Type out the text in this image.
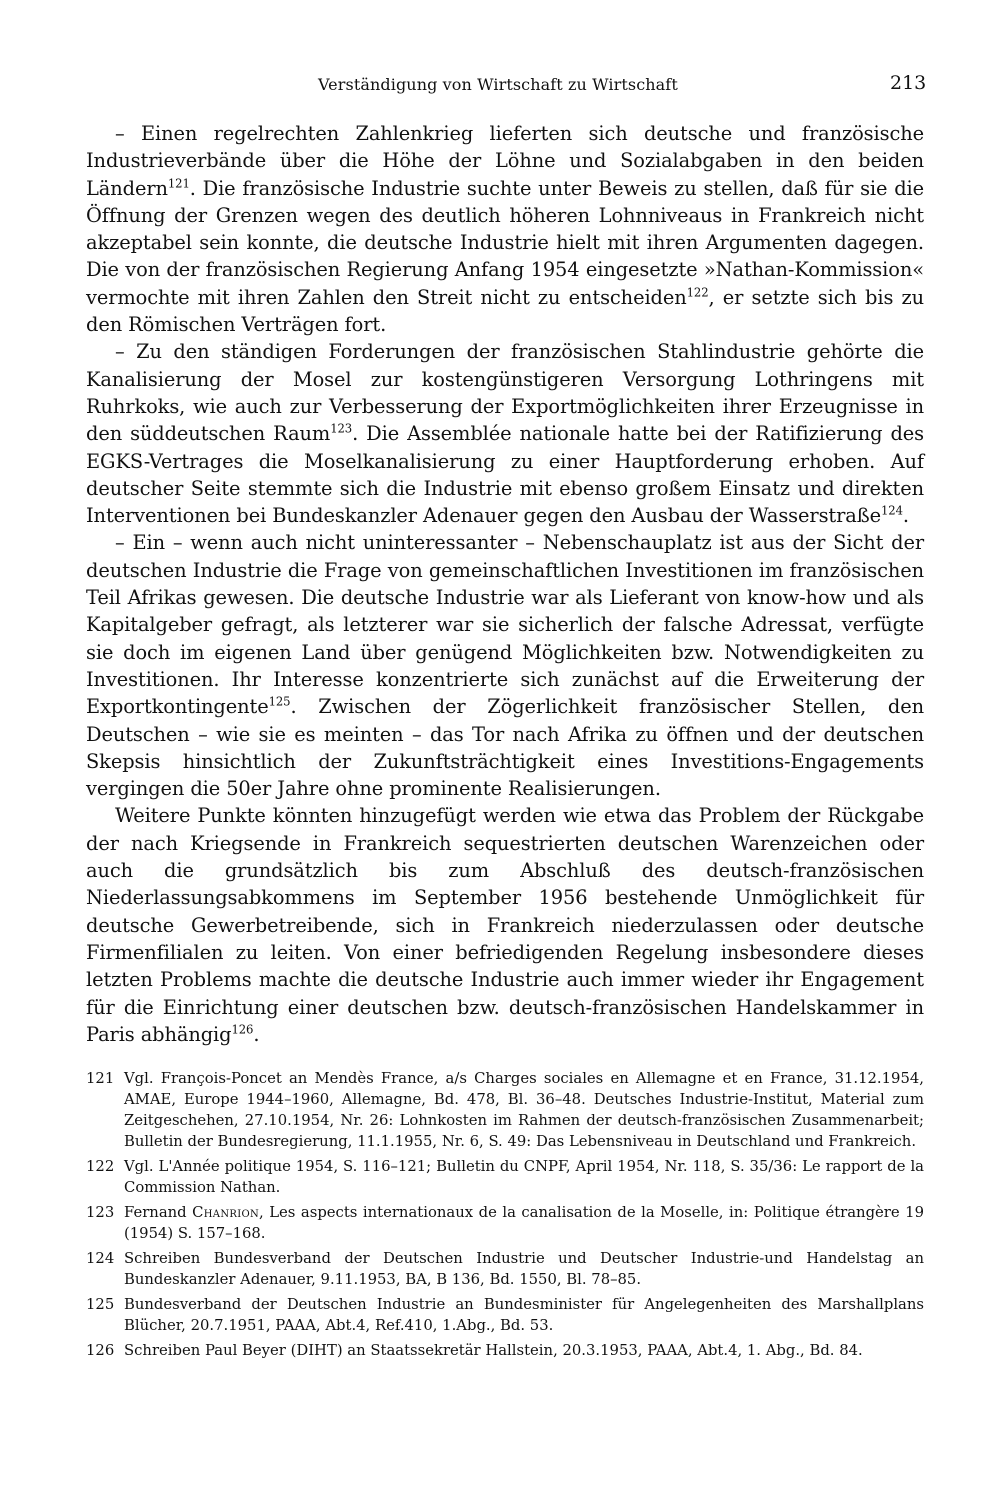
Verständigung von Wirtschaft zu Wirtschaft	213

– Einen regelrechten Zahlenkrieg lieferten sich deutsche und französische Industrieverbände über die Höhe der Löhne und Sozialabgaben in den beiden Ländern$^{121}$. Die französische Industrie suchte unter Beweis zu stellen, daß für sie die Öffnung der Grenzen wegen des deutlich höheren Lohnniveaus in Frankreich nicht akzeptabel sein konnte, die deutsche Industrie hielt mit ihren Argumenten dagegen. Die von der französischen Regierung Anfang 1954 eingesetzte »Nathan-Kommission« vermochte mit ihren Zahlen den Streit nicht zu entscheiden$^{122}$, er setzte sich bis zu den Römischen Verträgen fort.

– Zu den ständigen Forderungen der französischen Stahlindustrie gehörte die Kanalisierung der Mosel zur kostengünstigeren Versorgung Lothringens mit Ruhrkoks, wie auch zur Verbesserung der Exportmöglichkeiten ihrer Erzeugnisse in den süddeutschen Raum$^{123}$. Die Assemblée nationale hatte bei der Ratifizierung des EGKS-Vertrages die Moselkanalisierung zu einer Hauptforderung erhoben. Auf deutscher Seite stemmte sich die Industrie mit ebenso großem Einsatz und direkten Interventionen bei Bundeskanzler Adenauer gegen den Ausbau der Wasserstraße$^{124}$.

– Ein – wenn auch nicht uninteressanter – Nebenschauplatz ist aus der Sicht der deutschen Industrie die Frage von gemeinschaftlichen Investitionen im französischen Teil Afrikas gewesen. Die deutsche Industrie war als Lieferant von know-how und als Kapitalgeber gefragt, als letzterer war sie sicherlich der falsche Adressat, verfügte sie doch im eigenen Land über genügend Möglichkeiten bzw. Notwendigkeiten zu Investitionen. Ihr Interesse konzentrierte sich zunächst auf die Erweiterung der Exportkontingente$^{125}$. Zwischen der Zögerlichkeit französischer Stellen, den Deutschen – wie sie es meinten – das Tor nach Afrika zu öffnen und der deutschen Skepsis hinsichtlich der Zukunftsträchtigkeit eines Investitions-Engagements vergingen die 50er Jahre ohne prominente Realisierungen.

Weitere Punkte könnten hinzugefügt werden wie etwa das Problem der Rückgabe der nach Kriegsende in Frankreich sequestrierten deutschen Warenzeichen oder auch die grundsätzlich bis zum Abschluß des deutsch-französischen Niederlassungsabkommens im September 1956 bestehende Unmöglichkeit für deutsche Gewerbetreibende, sich in Frankreich niederzulassen oder deutsche Firmenfilialen zu leiten. Von einer befriedigenden Regelung insbesondere dieses letzten Problems machte die deutsche Industrie auch immer wieder ihr Engagement für die Einrichtung einer deutschen bzw. deutsch-französischen Handelskammer in Paris abhängig$^{126}$.

121 Vgl. François-Poncet an Mendès France, a/s Charges sociales en Allemagne et en France, 31.12.1954, AMAE, Europe 1944–1960, Allemagne, Bd. 478, Bl. 36–48. Deutsches Industrie-Institut, Material zum Zeitgeschehen, 27.10.1954, Nr. 26: Lohnkosten im Rahmen der deutsch-französischen Zusammenarbeit; Bulletin der Bundesregierung, 11.1.1955, Nr. 6, S. 49: Das Lebensniveau in Deutschland und Frankreich.
122 Vgl. L'Année politique 1954, S. 116–121; Bulletin du CNPF, April 1954, Nr. 118, S. 35/36: Le rapport de la Commission Nathan.
123 Fernand Chanrion, Les aspects internationaux de la canalisation de la Moselle, in: Politique étrangère 19 (1954) S. 157–168.
124 Schreiben Bundesverband der Deutschen Industrie und Deutscher Industrie-und Handelstag an Bundeskanzler Adenauer, 9.11.1953, BA, B 136, Bd. 1550, Bl. 78–85.
125 Bundesverband der Deutschen Industrie an Bundesminister für Angelegenheiten des Marshallplans Blücher, 20.7.1951, PAAA, Abt.4, Ref.410, 1.Abg., Bd. 53.
126 Schreiben Paul Beyer (DIHT) an Staatssekretär Hallstein, 20.3.1953, PAAA, Abt.4, 1. Abg., Bd. 84.
